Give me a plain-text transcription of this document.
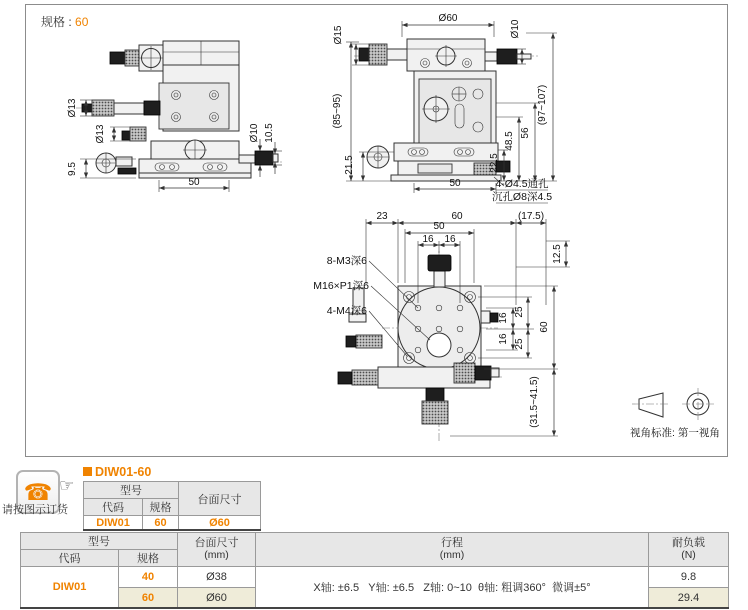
规格 : 60
Ø13
Ø13
9.5
50
Ø10 10.5
Ø15
Ø60
Ø10
(85~95)
21.5
50
22.5
48.5 56
(97~107)
4-Ø4.5通孔
沉孔Ø8深4.5
23	60	(17.5)
50
16 16
12.5
16
16
25
25
60
(31.5~41.5)
8-M3深6
M16×P1深6
4-M4深6
视角标准: 第一视角
☎ ☞
请按图示订货
DIW01-60
型号		台面尺寸
代码	规格	
DIW01	60	Ø60
型号	台面尺寸
(mm)

行程
(mm)

耐负载
(N)

代码	规格			
DIW01	40	Ø38	X轴: ±6.5   Y轴: ±6.5   Z轴: 0~10  θ轴: 粗调360°  微调±5°	9.8
	60	Ø60		29.4
